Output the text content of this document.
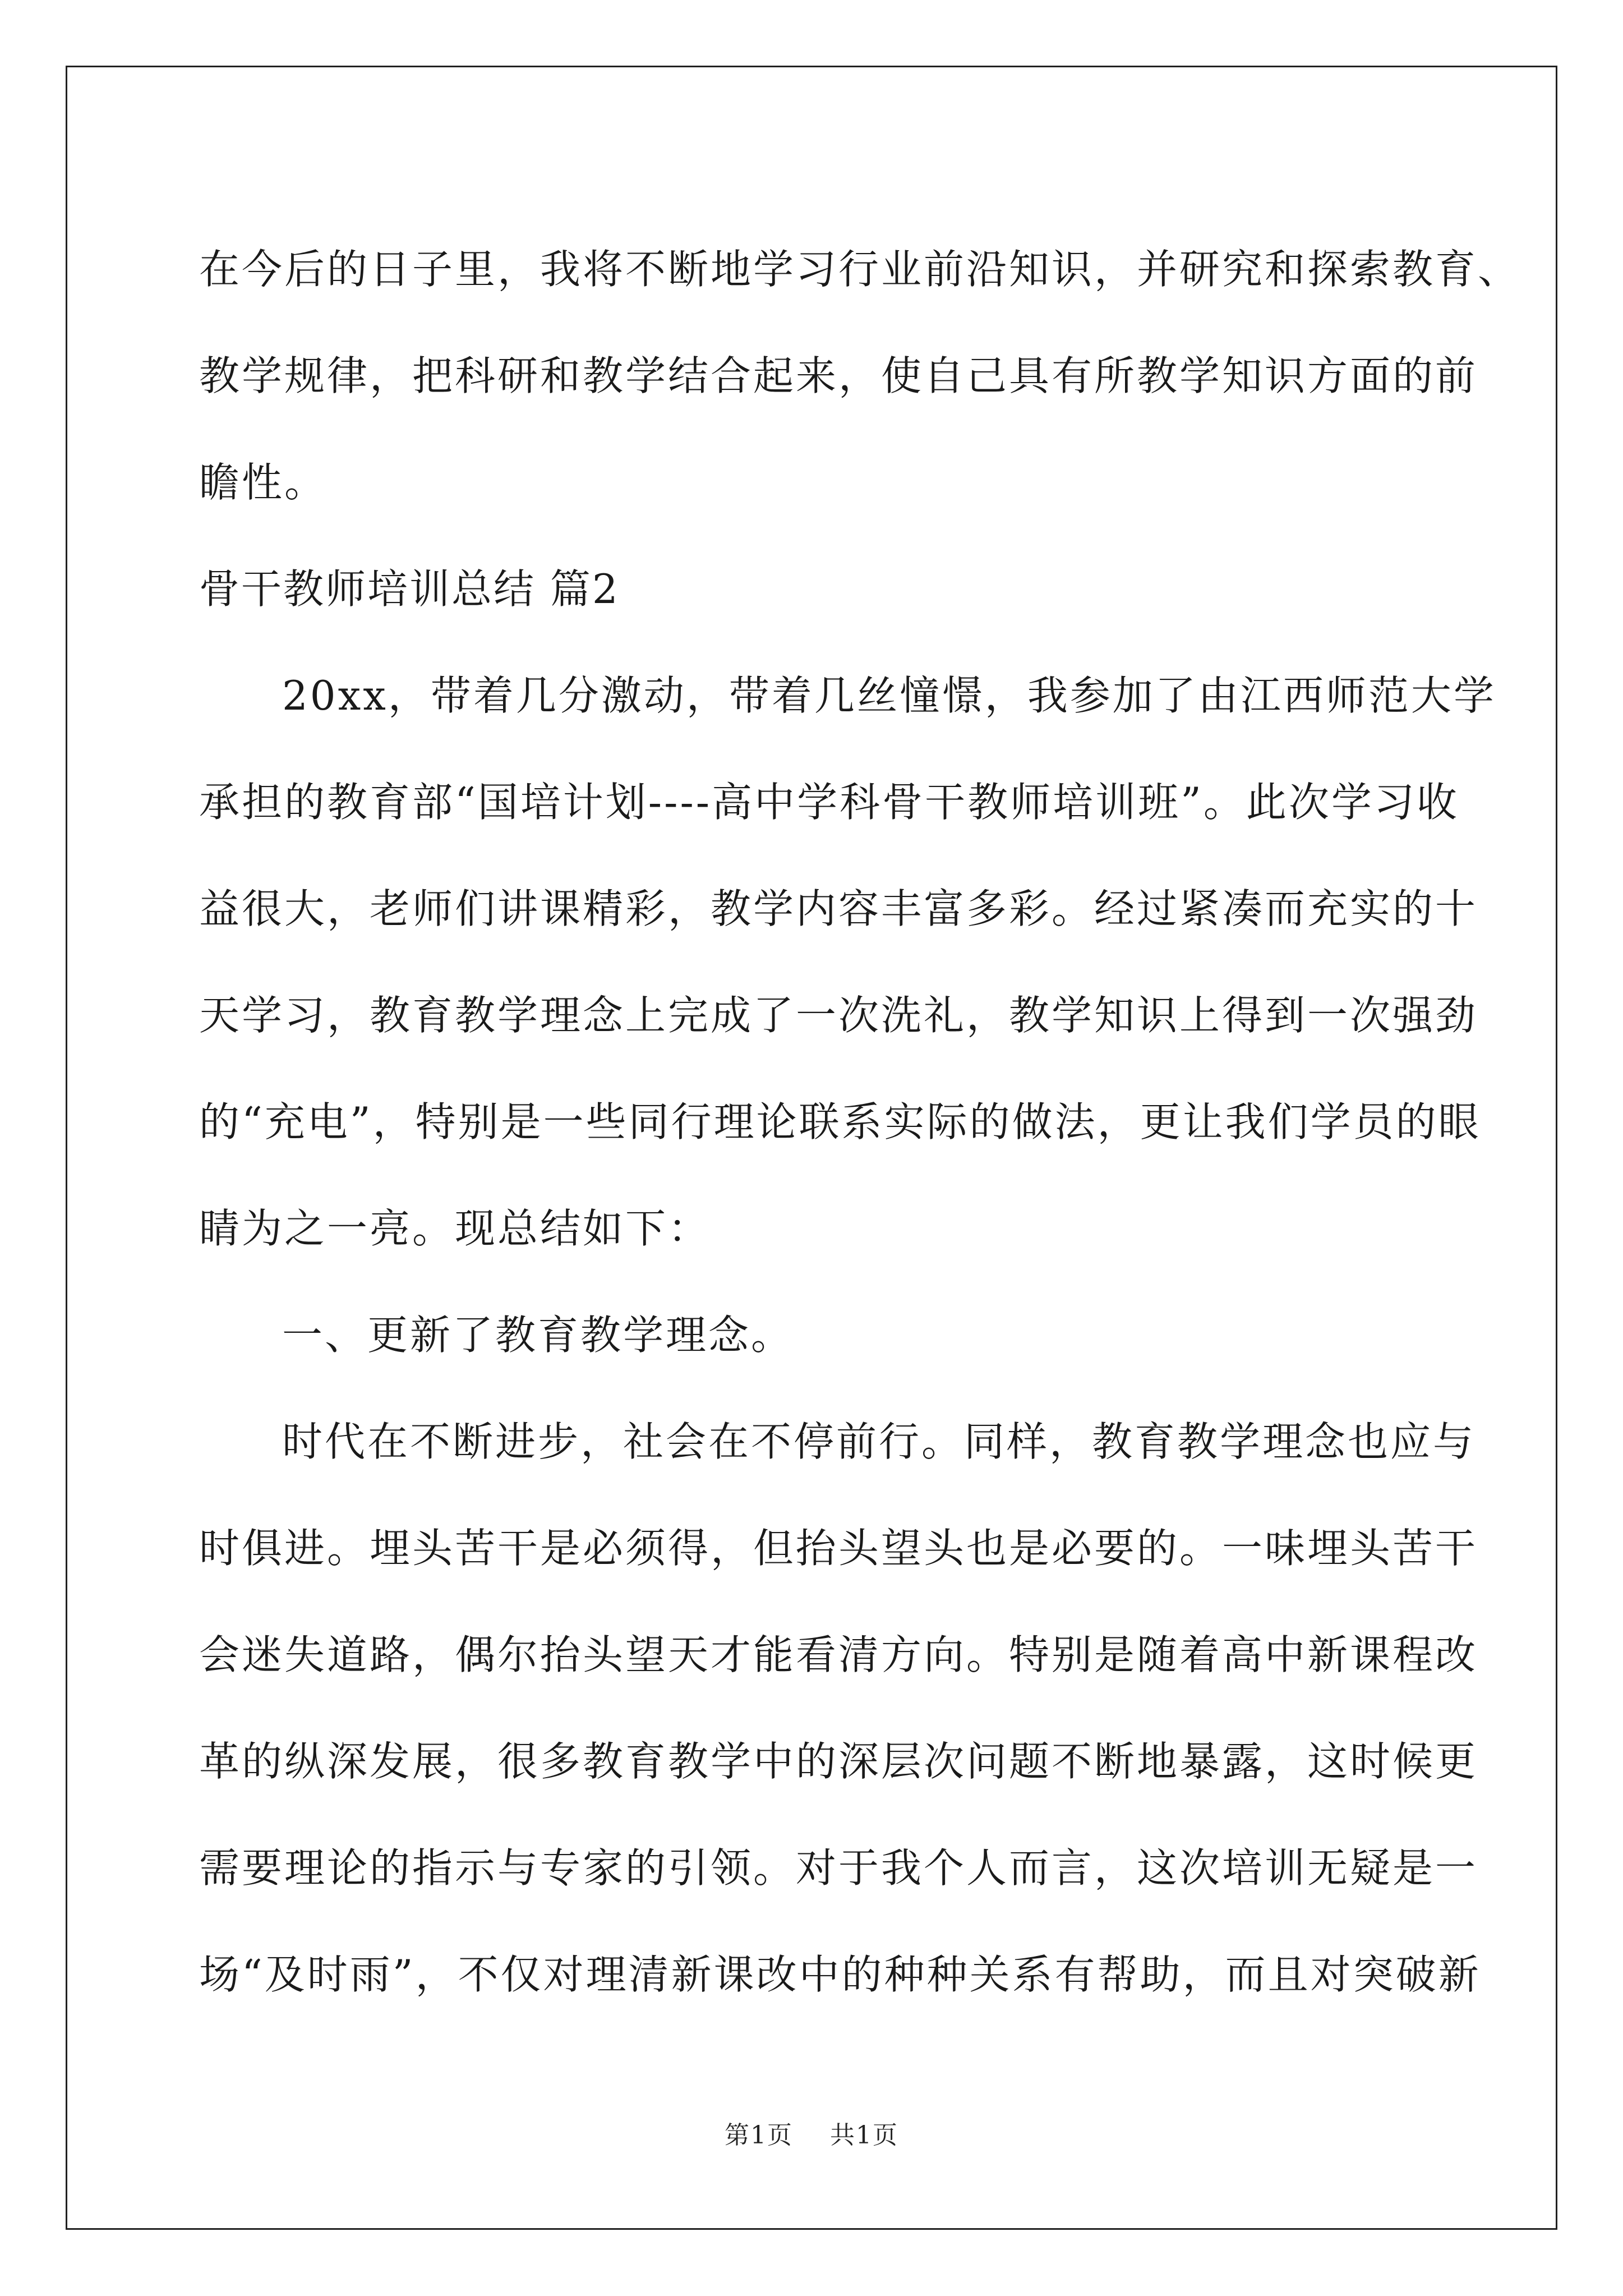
在今后的日子里，我将不断地学习行业前沿知识，并研究和探索教育、

教学规律，把科研和教学结合起来，使自己具有所教学知识方面的前

瞻性。

骨干教师培训总结 篇2

20xx，带着几分激动，带着几丝憧憬，我参加了由江西师范大学

承担的教育部“国培计划----高中学科骨干教师培训班”。此次学习收

益很大，老师们讲课精彩，教学内容丰富多彩。经过紧凑而充实的十

天学习，教育教学理念上完成了一次洗礼，教学知识上得到一次强劲

的“充电”，特别是一些同行理论联系实际的做法，更让我们学员的眼

睛为之一亮。现总结如下：

一、更新了教育教学理念。

时代在不断进步，社会在不停前行。同样，教育教学理念也应与

时俱进。埋头苦干是必须得，但抬头望头也是必要的。一味埋头苦干

会迷失道路，偶尔抬头望天才能看清方向。特别是随着高中新课程改

革的纵深发展，很多教育教学中的深层次问题不断地暴露，这时候更

需要理论的指示与专家的引领。对于我个人而言，这次培训无疑是一

场“及时雨”，不仅对理清新课改中的种种关系有帮助，而且对突破新

第1页 共1页
